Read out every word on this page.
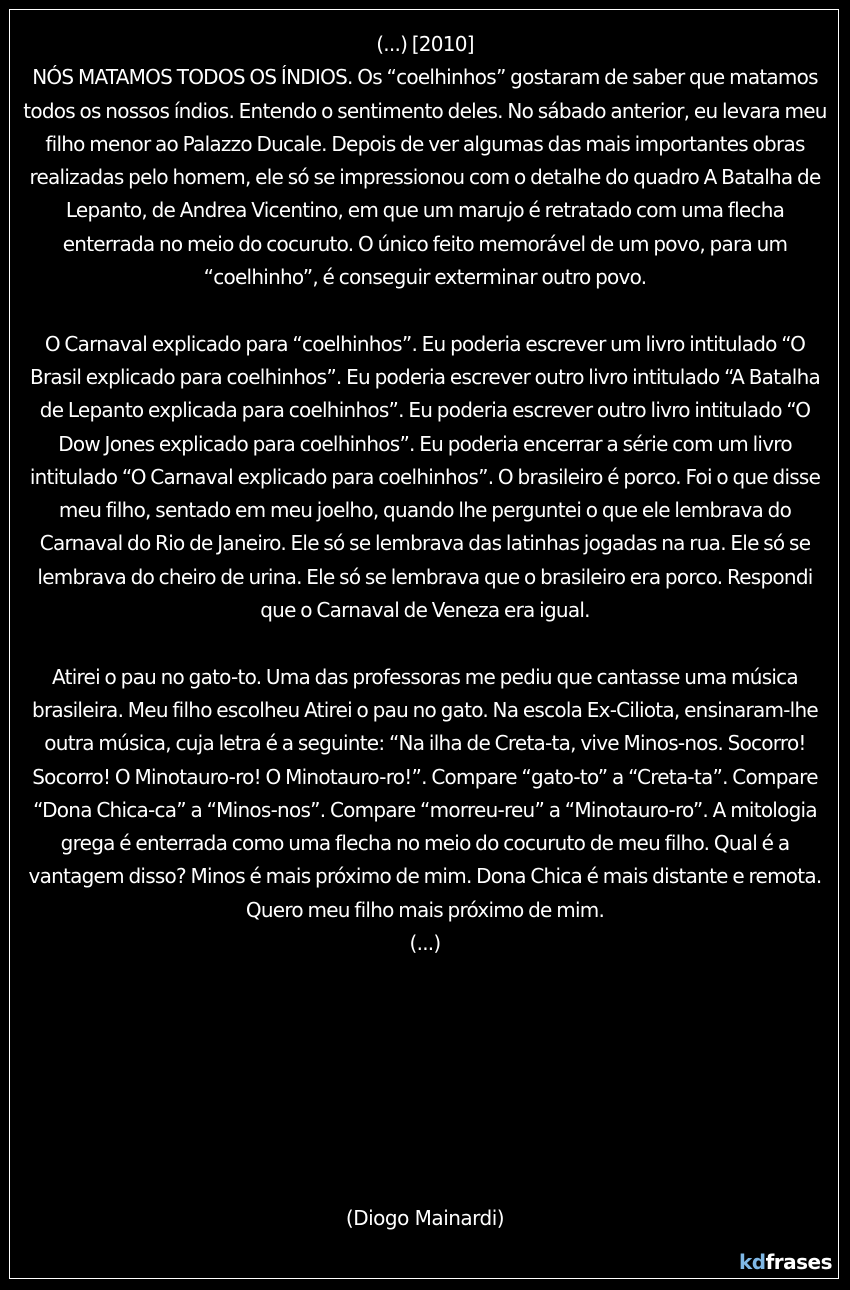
(...) [2010]
NÓS MATAMOS TODOS OS ÍNDIOS. Os “coelhinhos” gostaram de saber que matamos todos os nossos índios. Entendo o sentimento deles. No sábado anterior, eu levara meu filho menor ao Palazzo Ducale. Depois de ver algumas das mais importantes obras realizadas pelo homem, ele só se impressionou com o detalhe do quadro A Batalha de Lepanto, de Andrea Vicentino, em que um marujo é retratado com uma flecha enterrada no meio do cocuruto. O único feito memorável de um povo, para um “coelhinho”, é conseguir exterminar outro povo.

O Carnaval explicado para “coelhinhos”. Eu poderia escrever um livro intitulado “O Brasil explicado para coelhinhos”. Eu poderia escrever outro livro intitulado “A Batalha de Lepanto explicada para coelhinhos”. Eu poderia escrever outro livro intitulado “O Dow Jones explicado para coelhinhos”. Eu poderia encerrar a série com um livro intitulado “O Carnaval explicado para coelhinhos”. O brasileiro é porco. Foi o que disse meu filho, sentado em meu joelho, quando lhe perguntei o que ele lembrava do Carnaval do Rio de Janeiro. Ele só se lembrava das latinhas jogadas na rua. Ele só se lembrava do cheiro de urina. Ele só se lembrava que o brasileiro era porco. Respondi que o Carnaval de Veneza era igual.

Atirei o pau no gato-to. Uma das professoras me pediu que cantasse uma música brasileira. Meu filho escolheu Atirei o pau no gato. Na escola Ex-Ciliota, ensinaram-lhe outra música, cuja letra é a seguinte: “Na ilha de Creta-ta, vive Minos-nos. Socorro! Socorro! O Minotauro-ro! O Minotauro-ro!”. Compare “gato-to” a “Creta-ta”. Compare “Dona Chica-ca” a “Minos-nos”. Compare “morreu-reu” a “Minotauro-ro”. A mitologia grega é enterrada como uma flecha no meio do cocuruto de meu filho. Qual é a vantagem disso? Minos é mais próximo de mim. Dona Chica é mais distante e remota. Quero meu filho mais próximo de mim.
(...)
(Diogo Mainardi)
kdfrases
